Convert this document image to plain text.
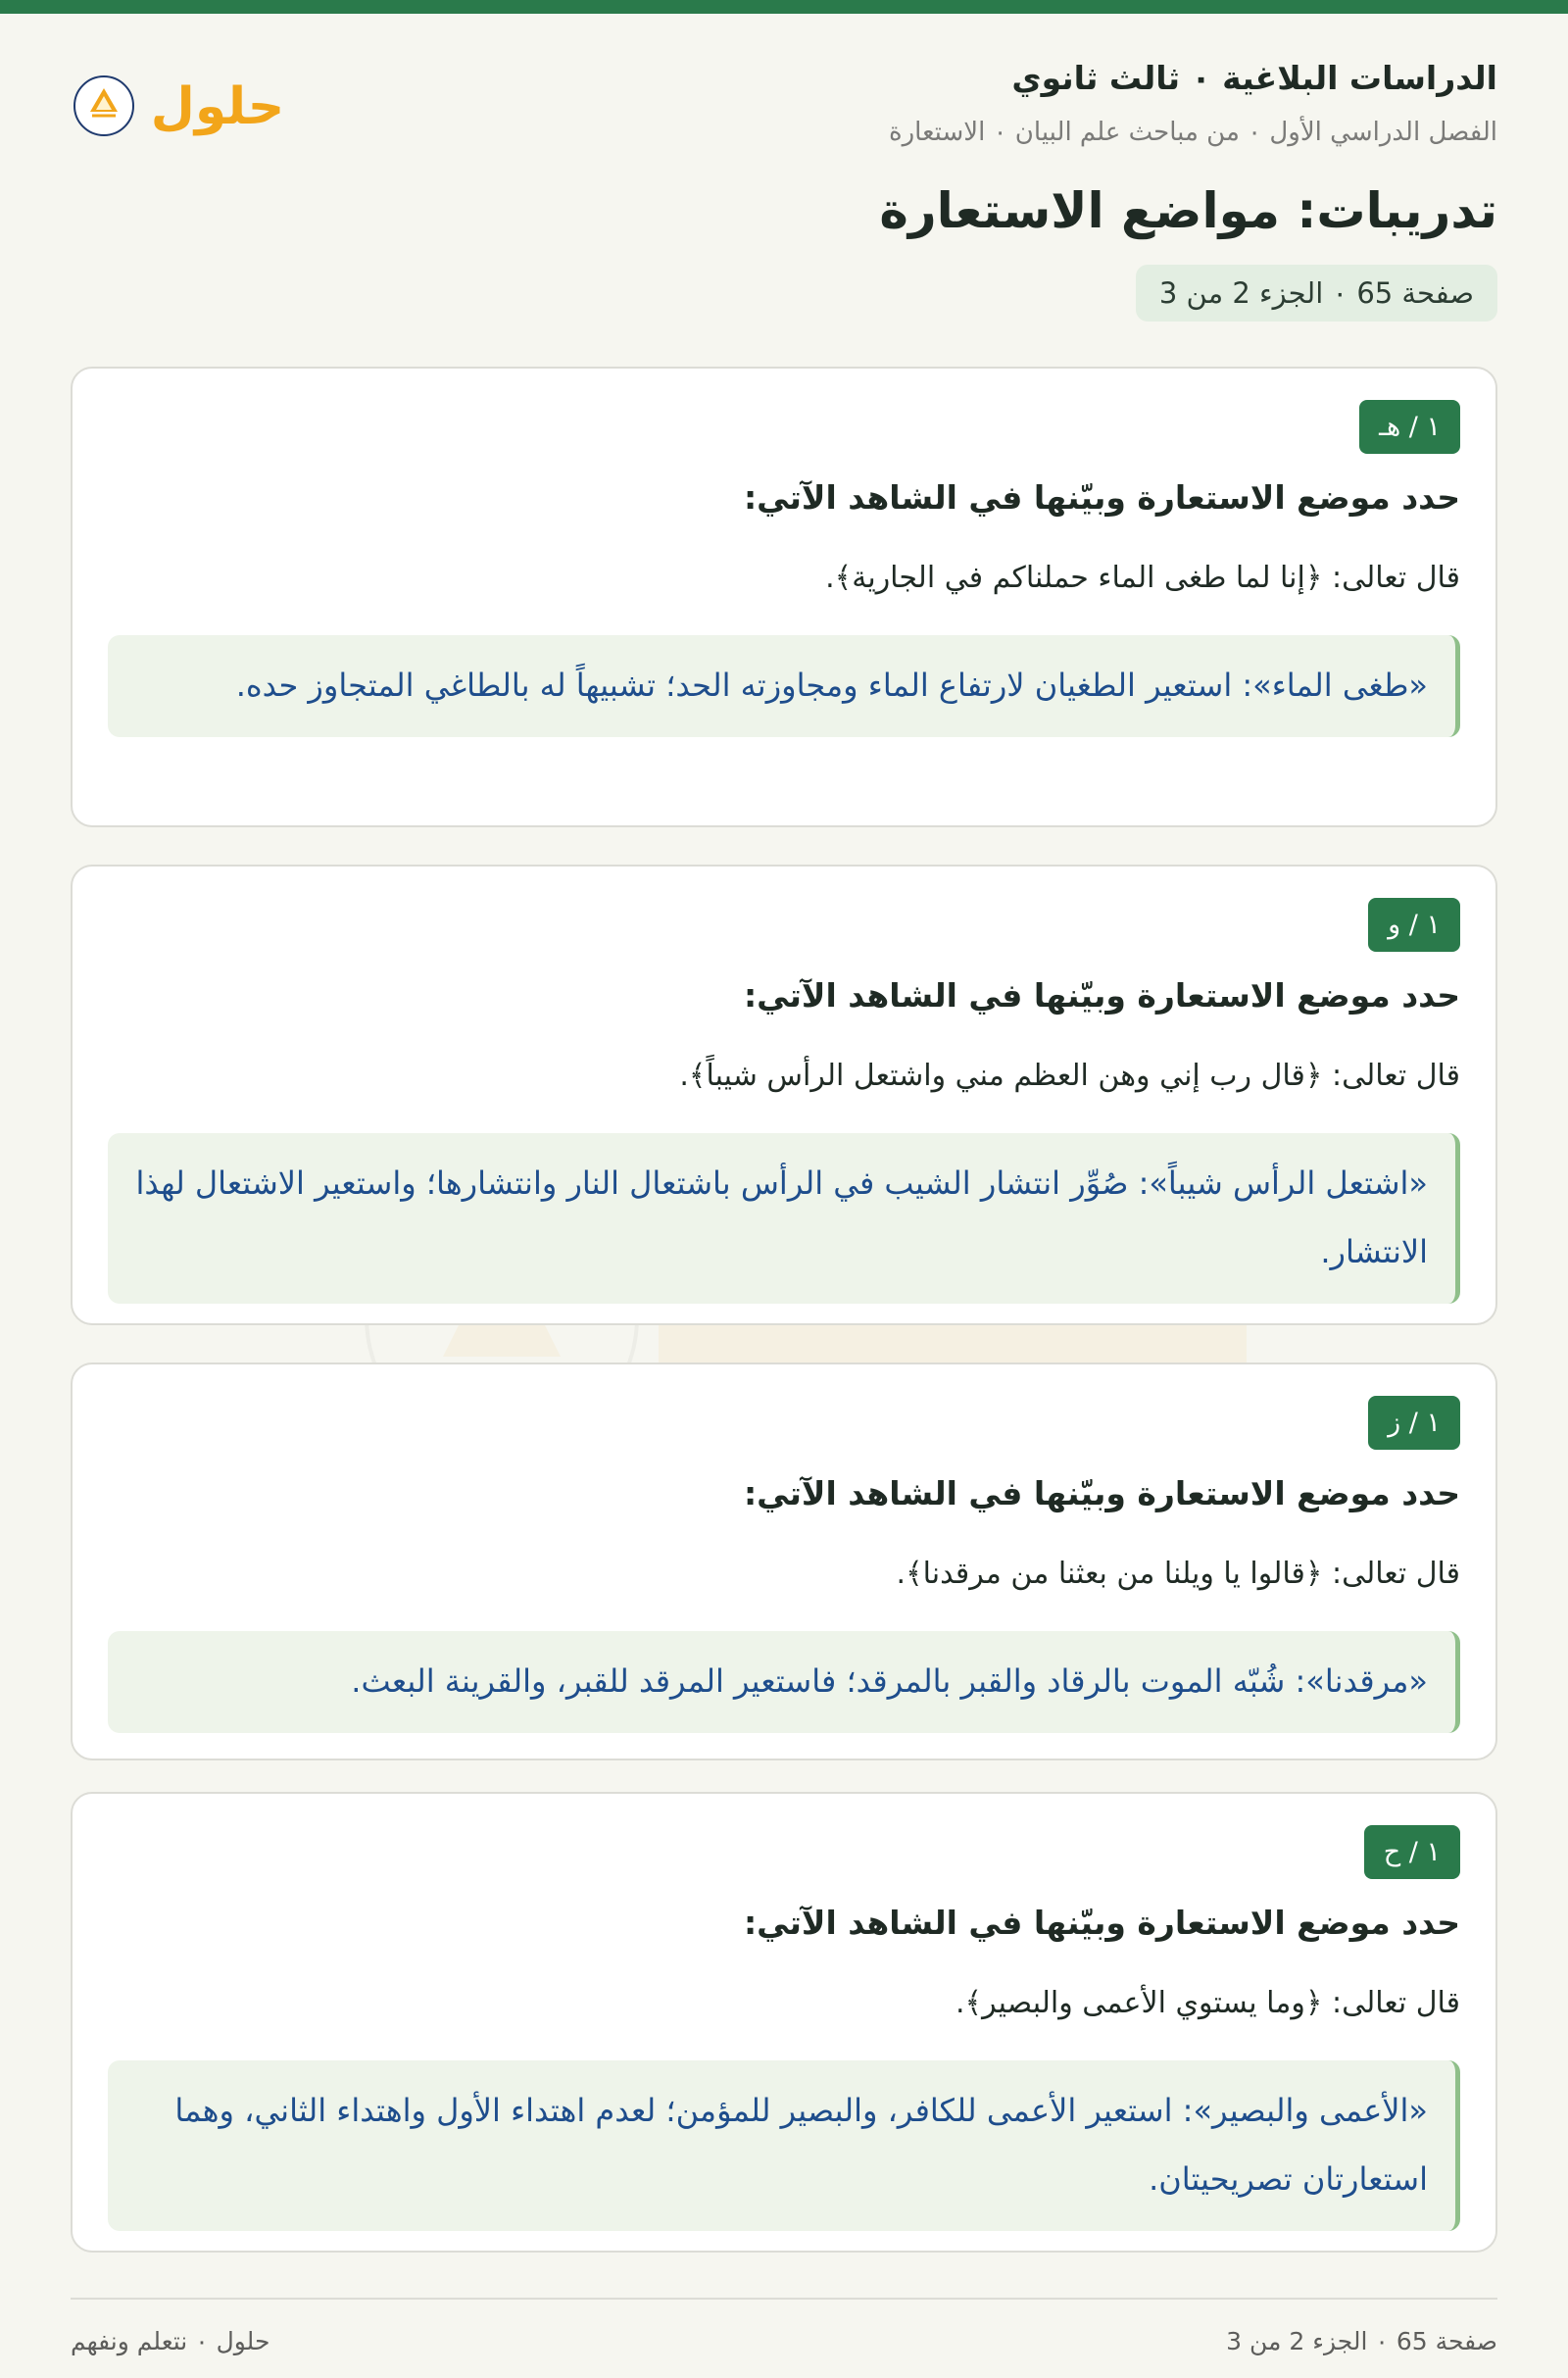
الدراسات البلاغية ٠ ثالث ثانوي
الفصل الدراسي الأول ٠ من مباحث علم البيان ٠ الاستعارة
حلول
تدريبات: مواضع الاستعارة
صفحة 65 ٠ الجزء 2 من 3
١ / هـ
حدد موضع الاستعارة وبيّنها في الشاهد الآتي:
قال تعالى: ﴿إنا لما طغى الماء حملناكم في الجارية﴾.
«طغى الماء»: استعير الطغيان لارتفاع الماء ومجاوزته الحد؛ تشبيهاً له بالطاغي المتجاوز حده.
١ / و
حدد موضع الاستعارة وبيّنها في الشاهد الآتي:
قال تعالى: ﴿قال رب إني وهن العظم مني واشتعل الرأس شيباً﴾.
«اشتعل الرأس شيباً»: صُوِّر انتشار الشيب في الرأس باشتعال النار وانتشارها؛ واستعير الاشتعال لهذا الانتشار.
١ / ز
حدد موضع الاستعارة وبيّنها في الشاهد الآتي:
قال تعالى: ﴿قالوا يا ويلنا من بعثنا من مرقدنا﴾.
«مرقدنا»: شُبّه الموت بالرقاد والقبر بالمرقد؛ فاستعير المرقد للقبر، والقرينة البعث.
١ / ح
حدد موضع الاستعارة وبيّنها في الشاهد الآتي:
قال تعالى: ﴿وما يستوي الأعمى والبصير﴾.
«الأعمى والبصير»: استعير الأعمى للكافر، والبصير للمؤمن؛ لعدم اهتداء الأول واهتداء الثاني، وهما استعارتان تصريحيتان.
صفحة 65 ٠ الجزء 2 من 3
حلول ٠ نتعلم ونفهم
